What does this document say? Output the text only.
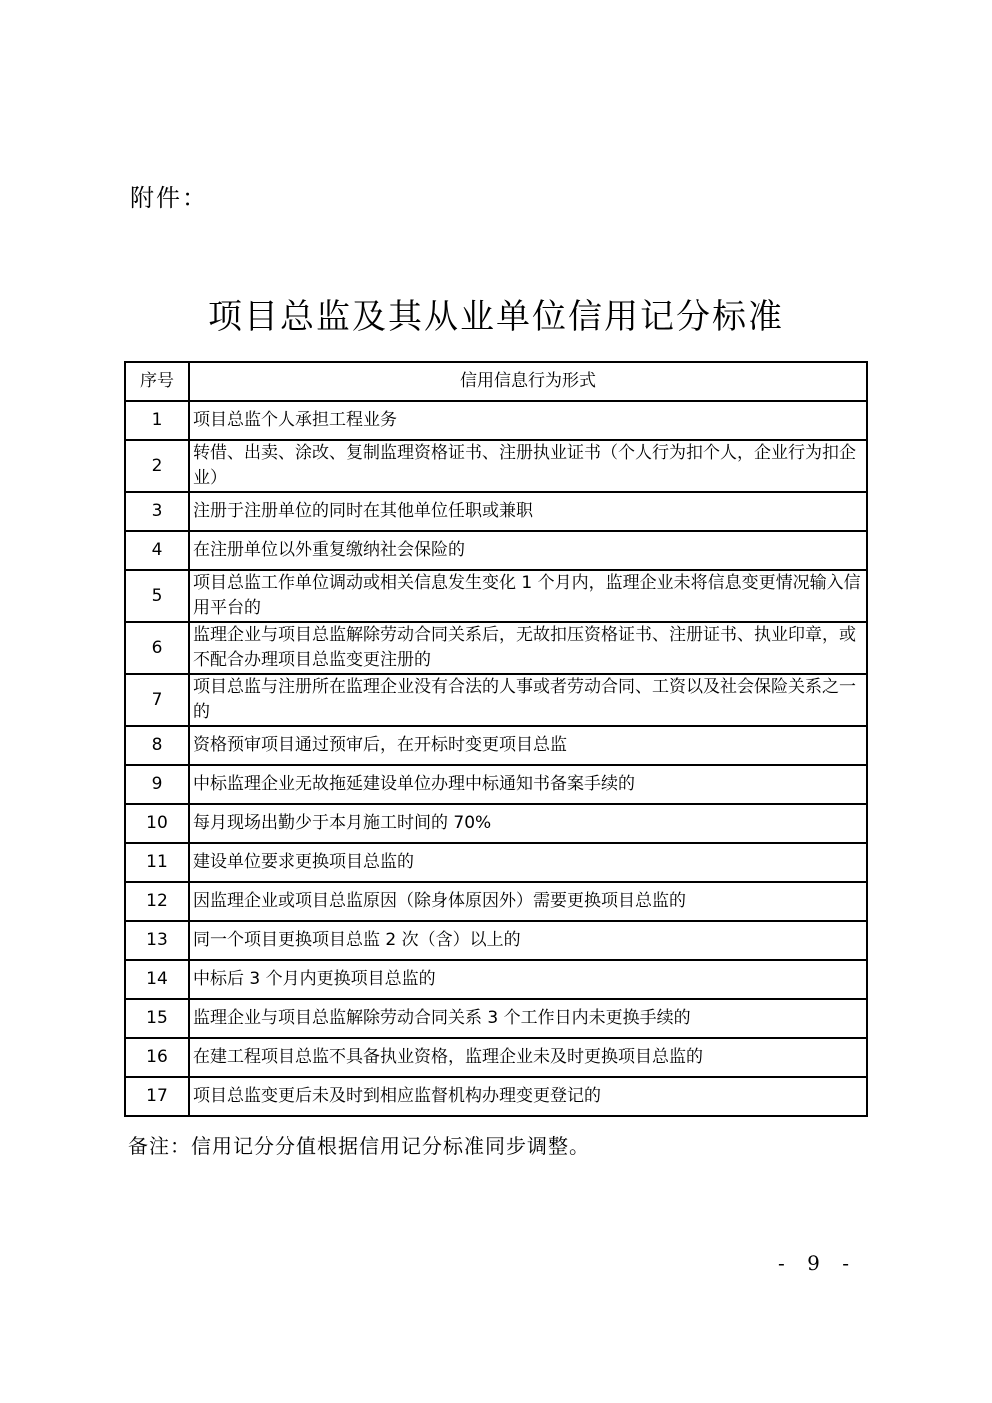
附件：
项目总监及其从业单位信用记分标准
序号	信用信息行为形式
1	项目总监个人承担工程业务
2	转借、出卖、涂改、复制监理资格证书、注册执业证书（个人行为扣个人，企业行为扣企业）
3	注册于注册单位的同时在其他单位任职或兼职
4	在注册单位以外重复缴纳社会保险的
5	项目总监工作单位调动或相关信息发生变化 1 个月内，监理企业未将信息变更情况输入信用平台的
6	监理企业与项目总监解除劳动合同关系后，无故扣压资格证书、注册证书、执业印章，或不配合办理项目总监变更注册的
7	项目总监与注册所在监理企业没有合法的人事或者劳动合同、工资以及社会保险关系之一的
8	资格预审项目通过预审后，在开标时变更项目总监
9	中标监理企业无故拖延建设单位办理中标通知书备案手续的
10	每月现场出勤少于本月施工时间的 70%
11	建设单位要求更换项目总监的
12	因监理企业或项目总监原因（除身体原因外）需要更换项目总监的
13	同一个项目更换项目总监 2 次（含）以上的
14	中标后 3 个月内更换项目总监的
15	监理企业与项目总监解除劳动合同关系 3 个工作日内未更换手续的
16	在建工程项目总监不具备执业资格，监理企业未及时更换项目总监的
17	项目总监变更后未及时到相应监督机构办理变更登记的
备注：信用记分分值根据信用记分标准同步调整。
- 9 -
